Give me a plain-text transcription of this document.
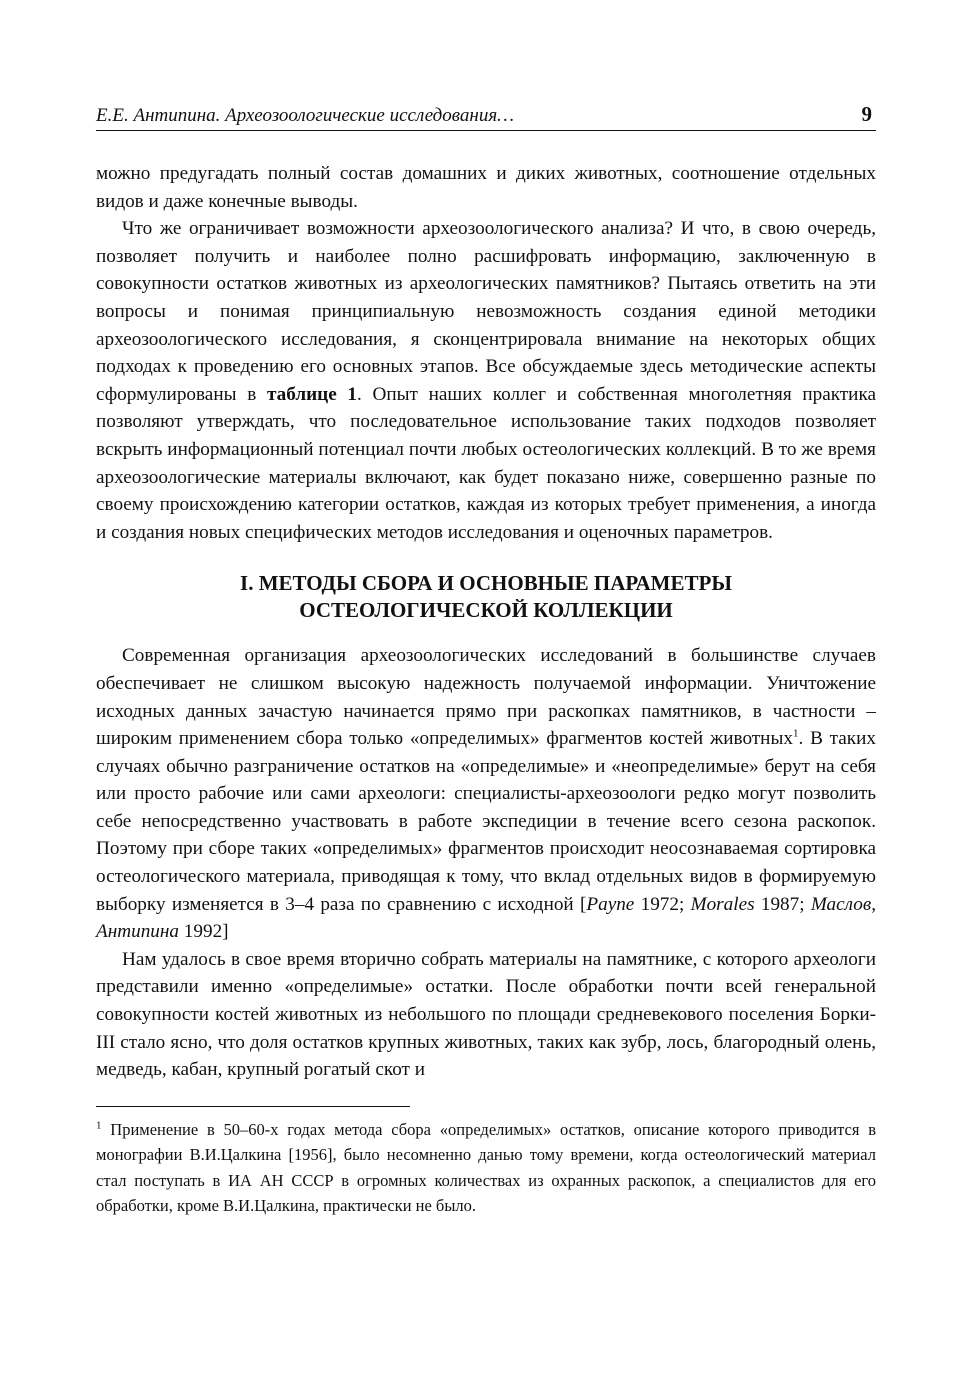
Е.Е. Антипина. Археозоологические исследования…	9

можно предугадать полный состав домашних и диких животных, соотношение отдельных видов и даже конечные выводы.

Что же ограничивает возможности археозоологического анализа? И что, в свою очередь, позволяет получить и наиболее полно расшифровать информацию, заключенную в совокупности остатков животных из археологических памятников? Пытаясь ответить на эти вопросы и понимая принципиальную невозможность создания единой методики археозоологического исследования, я сконцентрировала внимание на некоторых общих подходах к проведению его основных этапов. Все обсуждаемые здесь методические аспекты сформулированы в таблице 1. Опыт наших коллег и собственная многолетняя практика позволяют утверждать, что последовательное использование таких подходов позволяет вскрыть информационный потенциал почти любых остеологических коллекций. В то же время археозоологические материалы включают, как будет показано ниже, совершенно разные по своему происхождению категории остатков, каждая из которых требует применения, а иногда и создания новых специфических методов исследования и оценочных параметров.

I. МЕТОДЫ СБОРА И ОСНОВНЫЕ ПАРАМЕТРЫ
ОСТЕОЛОГИЧЕСКОЙ КОЛЛЕКЦИИ

Современная организация археозоологических исследований в большинстве случаев обеспечивает не слишком высокую надежность получаемой информации. Уничтожение исходных данных зачастую начинается прямо при раскопках памятников, в частности – широким применением сбора только «определимых» фрагментов костей животных$^1$. В таких случаях обычно разграничение остатков на «определимые» и «неопределимые» берут на себя или просто рабочие или сами археологи: специалисты-археозоологи редко могут позволить себе непосредственно участвовать в работе экспедиции в течение всего сезона раскопок. Поэтому при сборе таких «определимых» фрагментов происходит неосознаваемая сортировка остеологического материала, приводящая к тому, что вклад отдельных видов в формируемую выборку изменяется в 3–4 раза по сравнению с исходной [Payne 1972; Morales 1987; Маслов, Антипина 1992]

Нам удалось в свое время вторично собрать материалы на памятнике, с которого археологи представили именно «определимые» остатки. После обработки почти всей генеральной совокупности костей животных из небольшого по площади средневекового поселения Борки-III стало ясно, что доля остатков крупных животных, таких как зубр, лось, благородный олень, медведь, кабан, крупный рогатый скот и

$^1$ Применение в 50–60-х годах метода сбора «определимых» остатков, описание которого приводится в монографии В.И.Цалкина [1956], было несомненно данью тому времени, когда остеологический материал стал поступать в ИА АН СССР в огромных количествах из охранных раскопок, а специалистов для его обработки, кроме В.И.Цалкина, практически не было.
